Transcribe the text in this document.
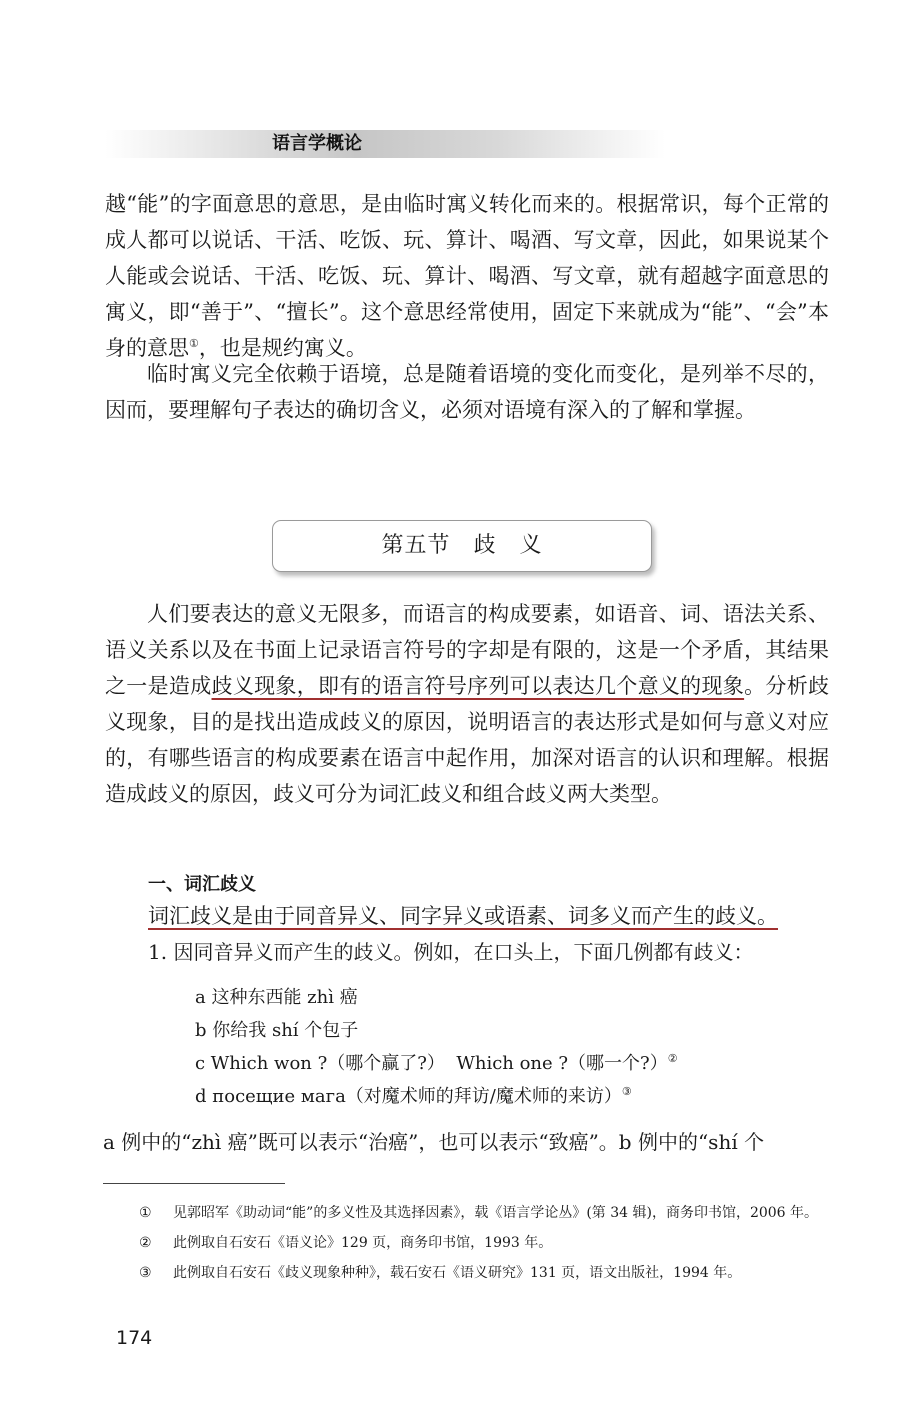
语言学概论

越“能”的字面意思的意思，是由临时寓义转化而来的。根据常识，每个正常的成人都可以说话、干活、吃饭、玩、算计、喝酒、写文章，因此，如果说某个人能或会说话、干活、吃饭、玩、算计、喝酒、写文章，就有超越字面意思的寓义，即“善于”、“擅长”。这个意思经常使用，固定下来就成为“能”、“会”本身的意思①，也是规约寓义。

临时寓义完全依赖于语境，总是随着语境的变化而变化，是列举不尽的，因而，要理解句子表达的确切含义，必须对语境有深入的了解和掌握。

第五节　歧　义

人们要表达的意义无限多，而语言的构成要素，如语音、词、语法关系、语义关系以及在书面上记录语言符号的字却是有限的，这是一个矛盾，其结果之一是造成歧义现象，即有的语言符号序列可以表达几个意义的现象。分析歧义现象，目的是找出造成歧义的原因，说明语言的表达形式是如何与意义对应的，有哪些语言的构成要素在语言中起作用，加深对语言的认识和理解。根据造成歧义的原因，歧义可分为词汇歧义和组合歧义两大类型。

一、词汇歧义
词汇歧义是由于同音异义、同字异义或语素、词多义而产生的歧义。
1. 因同音异义而产生的歧义。例如，在口头上，下面几例都有歧义：
a 这种东西能 zhì 癌
b 你给我 shí 个包子
c Which won ?（哪个赢了?）  Which one ?（哪一个?）②
d посещие мага（对魔术师的拜访/魔术师的来访）③
a 例中的“zhì 癌”既可以表示“治癌”，也可以表示“致癌”。b 例中的“shí 个

① 见郭昭军《助动词“能”的多义性及其选择因素》，载《语言学论丛》(第 34 辑)，商务印书馆，2006 年。

② 此例取自石安石《语义论》129 页，商务印书馆，1993 年。

③ 此例取自石安石《歧义现象种种》，载石安石《语义研究》131 页，语文出版社，1994 年。

174
